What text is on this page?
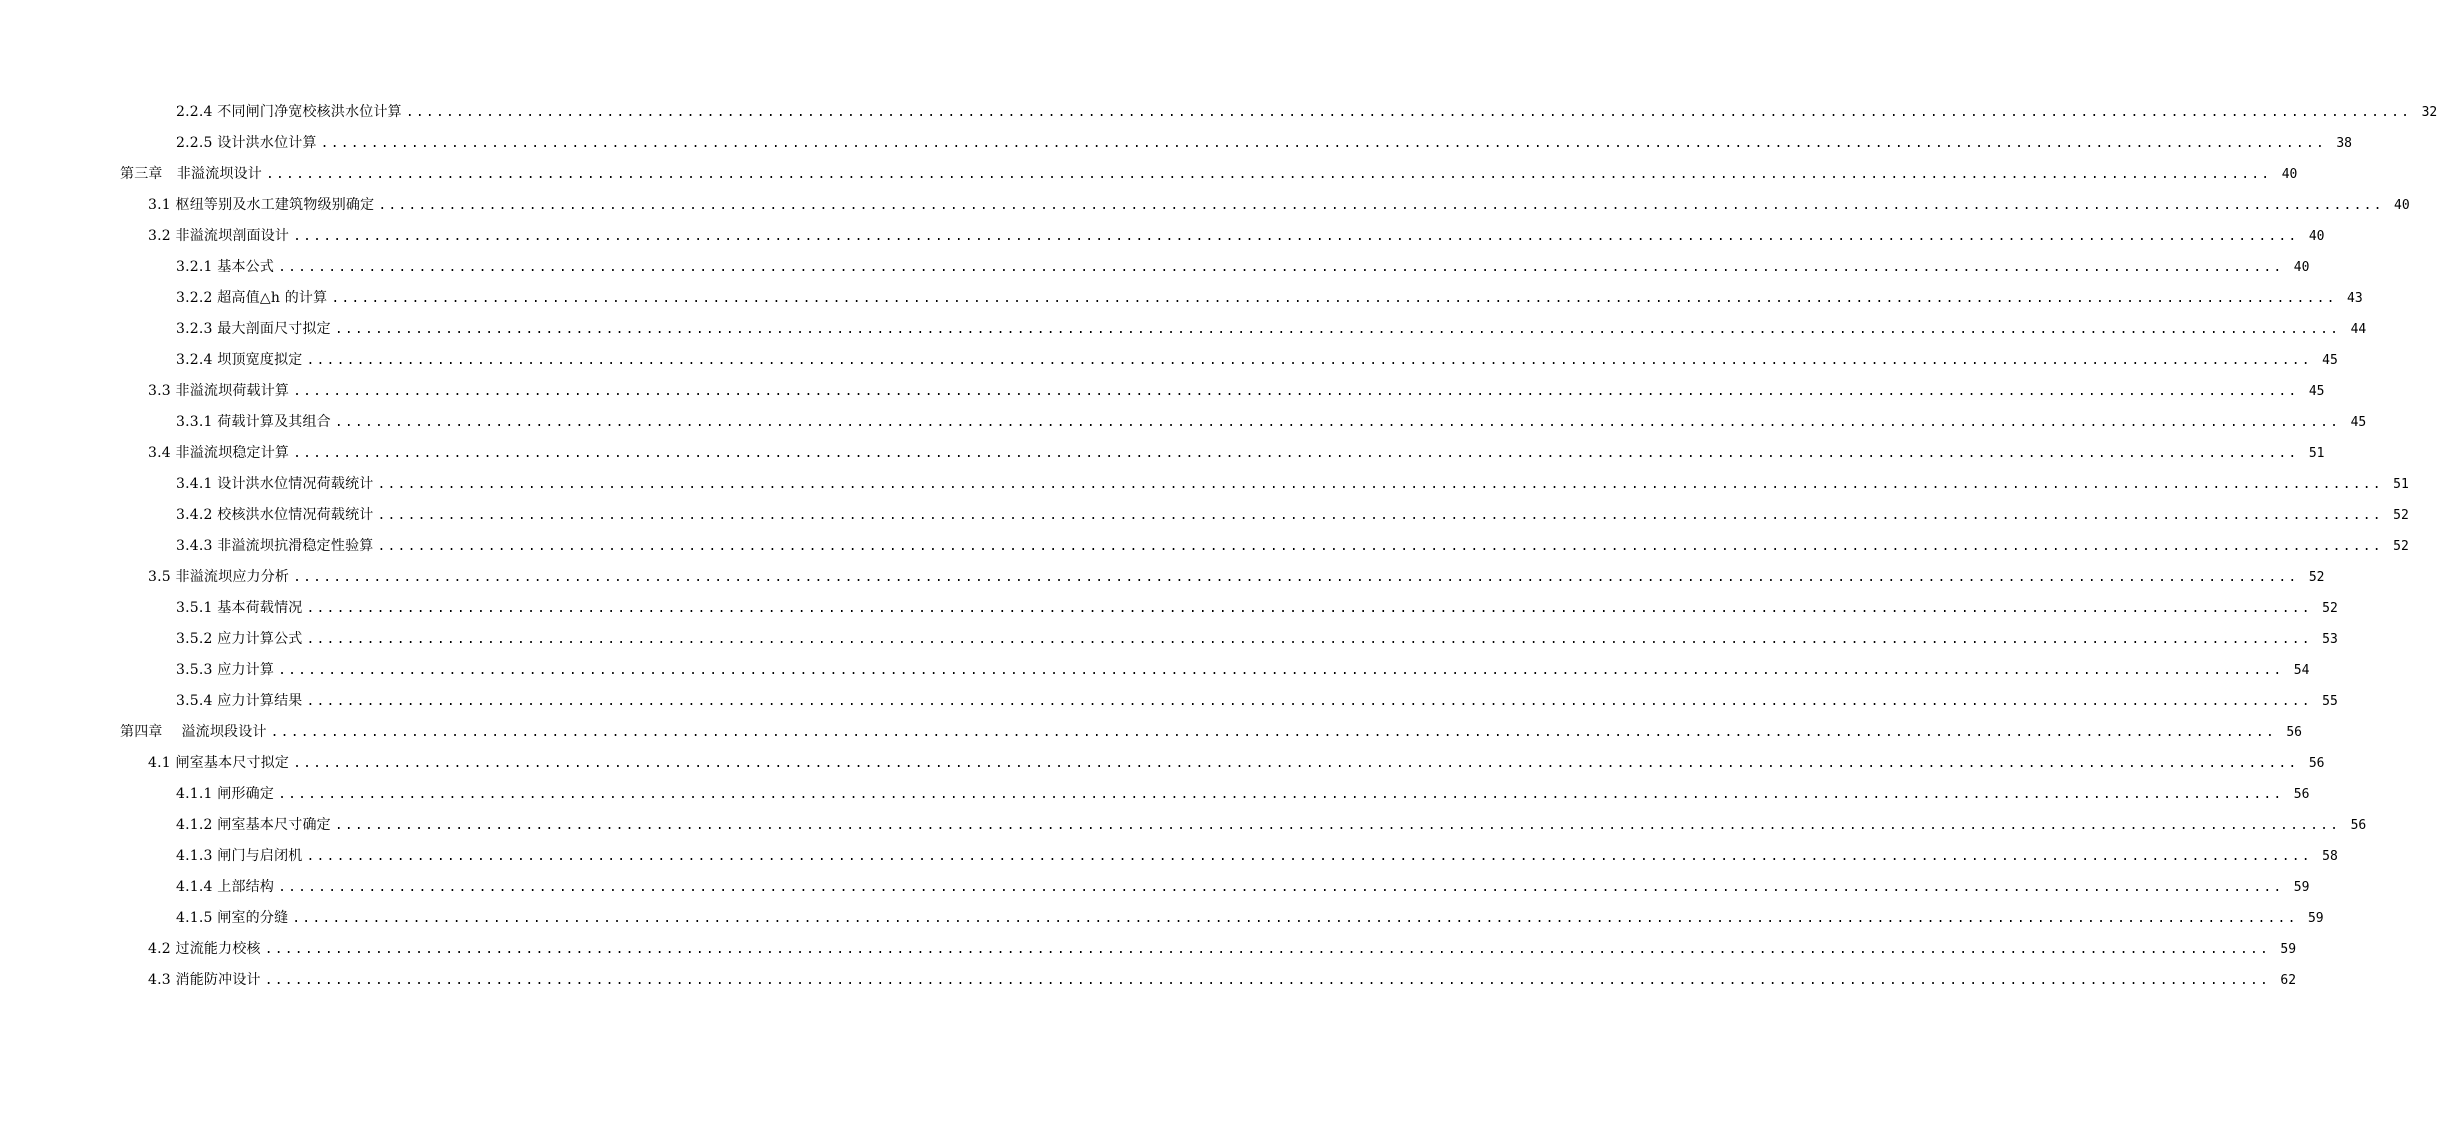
2.2.4 不同闸门净宽校核洪水位计算 ........................................................................................................................................................................................................ 32
2.2.5 设计洪水位计算 ........................................................................................................................................................................................................ 38
第三章　非溢流坝设计 ........................................................................................................................................................................................................ 40
3.1 枢纽等别及水工建筑物级别确定 ........................................................................................................................................................................................................ 40
3.2 非溢流坝剖面设计 ........................................................................................................................................................................................................ 40
3.2.1 基本公式 ........................................................................................................................................................................................................ 40
3.2.2 超高值△h 的计算 ........................................................................................................................................................................................................ 43
3.2.3 最大剖面尺寸拟定 ........................................................................................................................................................................................................ 44
3.2.4 坝顶宽度拟定 ........................................................................................................................................................................................................ 45
3.3 非溢流坝荷载计算 ........................................................................................................................................................................................................ 45
3.3.1 荷载计算及其组合 ........................................................................................................................................................................................................ 45
3.4 非溢流坝稳定计算 ........................................................................................................................................................................................................ 51
3.4.1 设计洪水位情况荷载统计 ........................................................................................................................................................................................................ 51
3.4.2 校核洪水位情况荷载统计 ........................................................................................................................................................................................................ 52
3.4.3 非溢流坝抗滑稳定性验算 ........................................................................................................................................................................................................ 52
3.5 非溢流坝应力分析 ........................................................................................................................................................................................................ 52
3.5.1 基本荷载情况 ........................................................................................................................................................................................................ 52
3.5.2 应力计算公式 ........................................................................................................................................................................................................ 53
3.5.3 应力计算 ........................................................................................................................................................................................................ 54
3.5.4 应力计算结果 ........................................................................................................................................................................................................ 55
第四章　 溢流坝段设计 ........................................................................................................................................................................................................ 56
4.1 闸室基本尺寸拟定 ........................................................................................................................................................................................................ 56
4.1.1 闸形确定 ........................................................................................................................................................................................................ 56
4.1.2 闸室基本尺寸确定 ........................................................................................................................................................................................................ 56
4.1.3 闸门与启闭机 ........................................................................................................................................................................................................ 58
4.1.4 上部结构 ........................................................................................................................................................................................................ 59
4.1.5 闸室的分缝 ........................................................................................................................................................................................................ 59
4.2 过流能力校核 ........................................................................................................................................................................................................ 59
4.3 消能防冲设计 ........................................................................................................................................................................................................ 62
